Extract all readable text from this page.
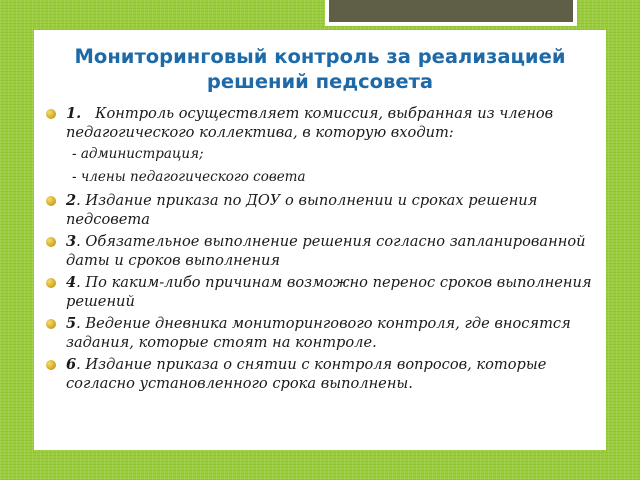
Мониторинговый контроль за реализацией решений педсовета
1. Контроль осуществляет комиссия, выбранная из членов педагогического коллектива, в которую входит:
- администрация;
- члены педагогического совета
2. Издание приказа по ДОУ о выполнении и сроках решения педсовета
3. Обязательное выполнение решения согласно запланированной даты и сроков выполнения
4. По каким-либо причинам возможно перенос сроков выполнения решений
5. Ведение дневника мониторингового контроля, где вносятся задания, которые стоят на контроле.
6. Издание приказа о снятии с контроля вопросов, которые согласно установленного срока выполнены.
